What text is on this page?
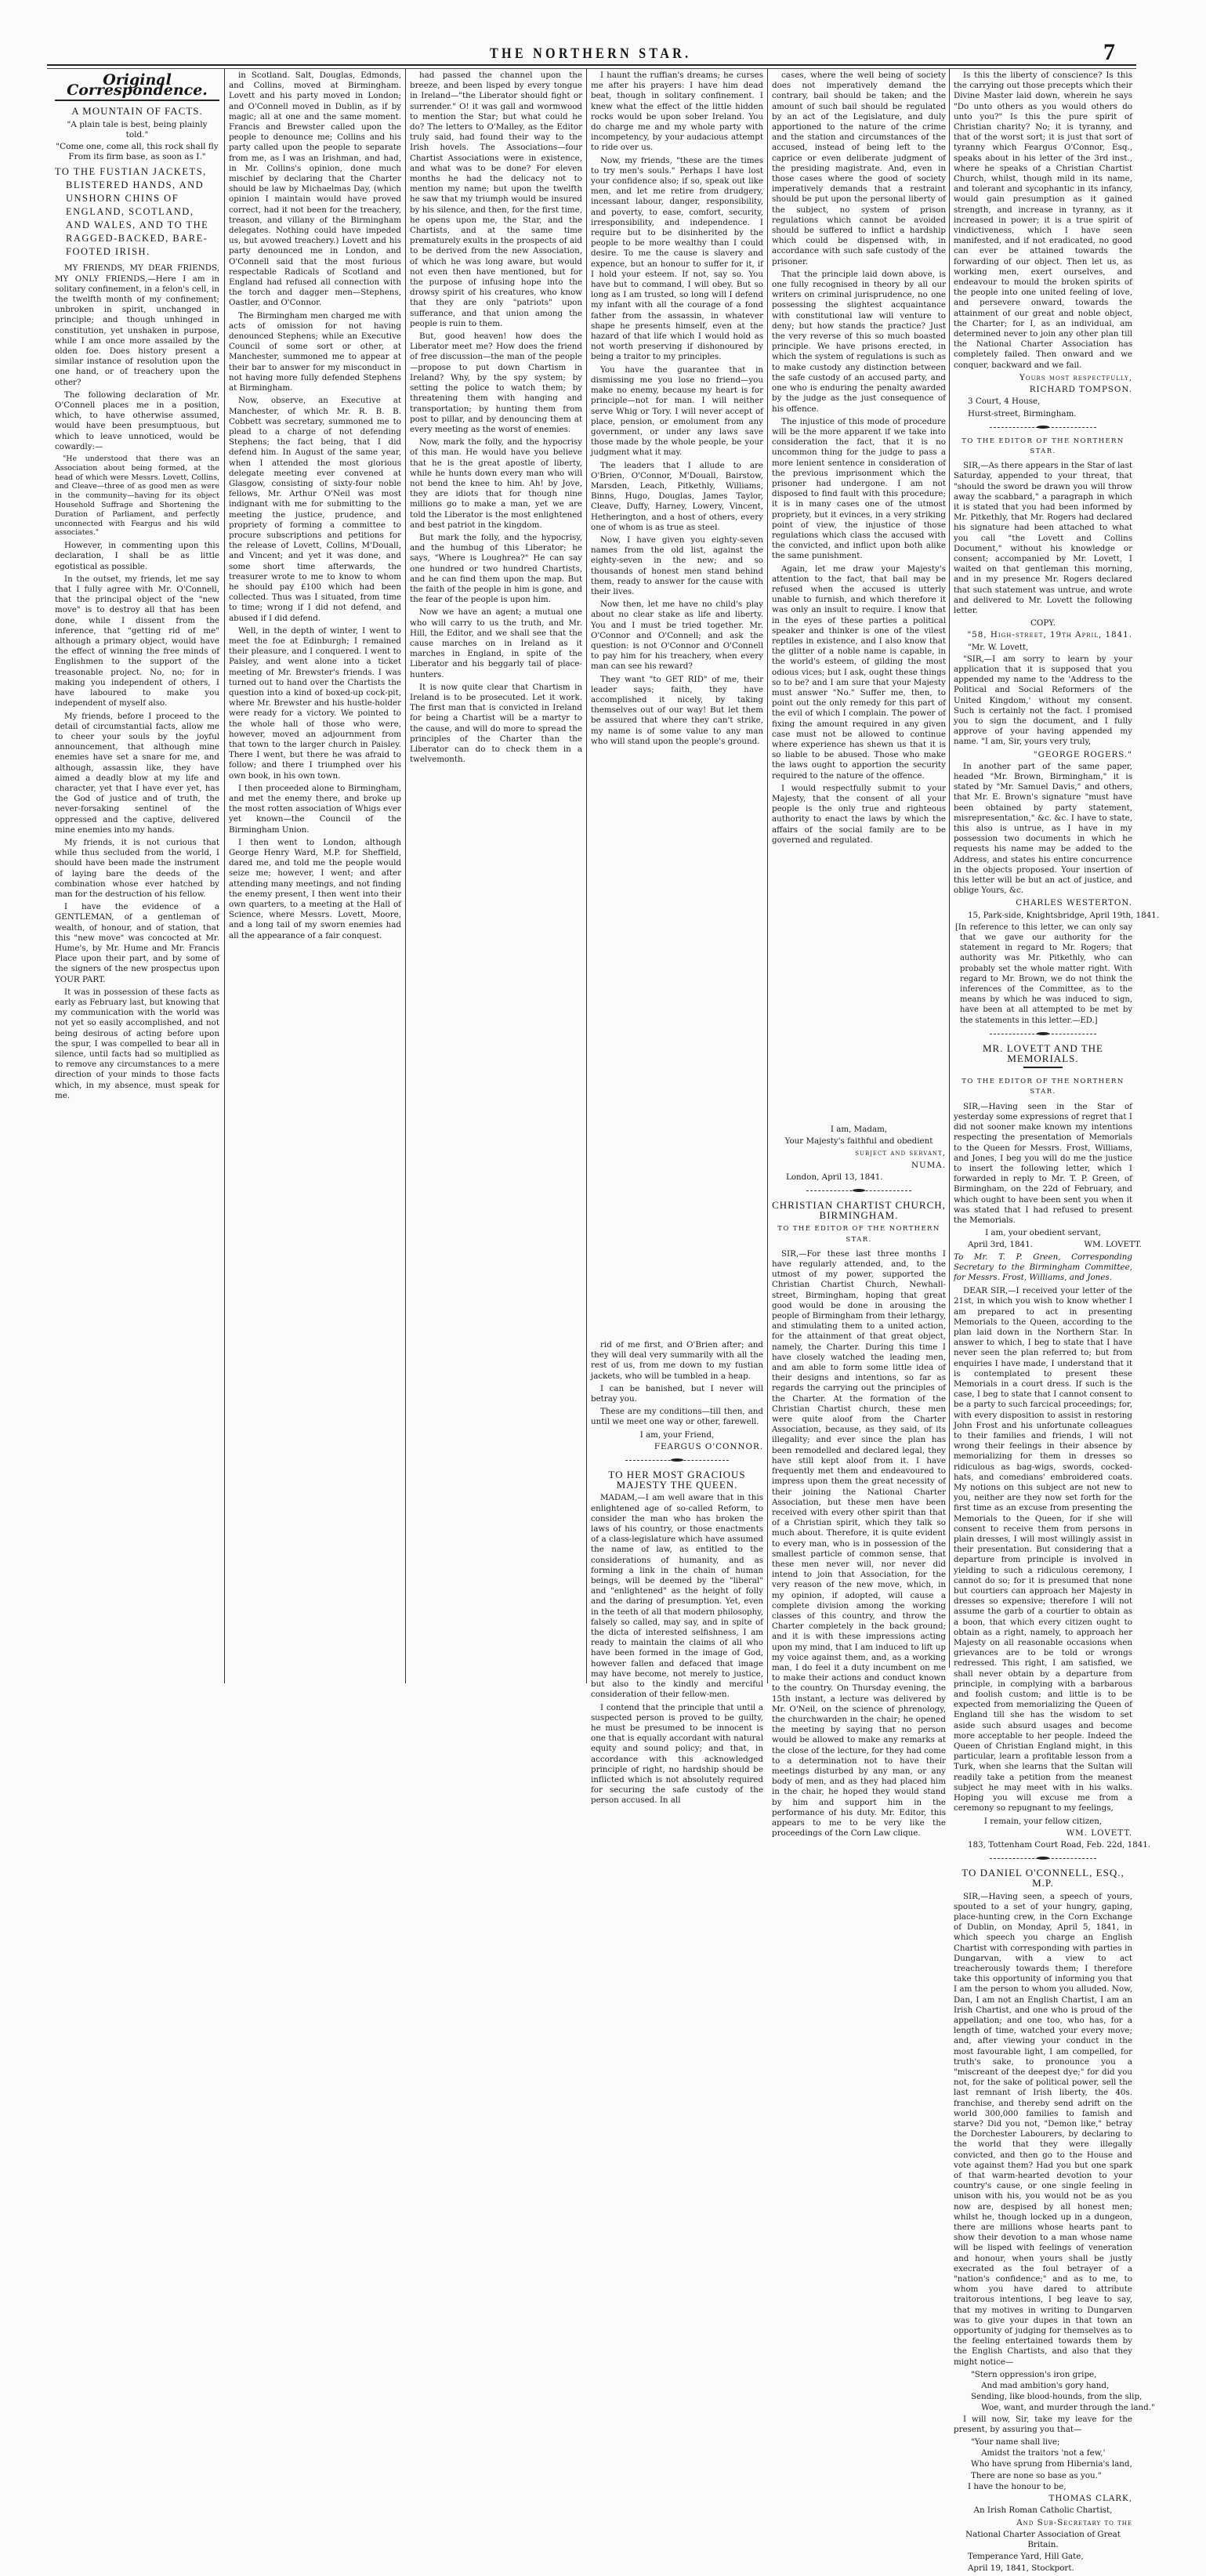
THE NORTHERN STAR.	7
Original Correspondence.
A MOUNTAIN OF FACTS.
"A plain tale is best, being plainly told."
"Come one, come all, this rock shall fly From its firm base, as soon as I."
TO THE FUSTIAN JACKETS, BLISTERED HANDS, AND UNSHORN CHINS OF ENGLAND, SCOTLAND, AND WALES, AND TO THE RAGGED-BACKED, BARE-FOOTED IRISH.

MY FRIENDS, MY DEAR FRIENDS, MY ONLY FRIENDS,—Here I am in solitary confinement, in a felon's cell, in the twelfth month of my confinement; unbroken in spirit, unchanged in principle; and though unhinged in constitution, yet unshaken in purpose, while I am once more assailed by the olden foe. Does history present a similar instance of resolution upon the one hand, or of treachery upon the other?

The following declaration of Mr. O'Connell places me in a position, which, to have otherwise assumed, would have been presumptuous, but which to leave unnoticed, would be cowardly:—

"He understood that there was an Association about being formed, at the head of which were Messrs. Lovett, Collins, and Cleave—three of as good men as were in the community—having for its object Household Suffrage and Shortening the Duration of Parliament, and perfectly unconnected with Feargus and his wild associates."

However, in commenting upon this declaration, I shall be as little egotistical as possible.

In the outset, my friends, let me say that I fully agree with Mr. O'Connell, that the principal object of the "new move" is to destroy all that has been done, while I dissent from the inference, that "getting rid of me" although a primary object, would have the effect of winning the free minds of Englishmen to the support of the treasonable project. No, no; for in making you independent of others, I have laboured to make you independent of myself also.

My friends, before I proceed to the detail of circumstantial facts, allow me to cheer your souls by the joyful announcement, that although mine enemies have set a snare for me, and although, assassin like, they have aimed a deadly blow at my life and character, yet that I have ever yet, has the God of justice and of truth, the never-forsaking sentinel of the oppressed and the captive, delivered mine enemies into my hands.

My friends, it is not curious that while thus secluded from the world, I should have been made the instrument of laying bare the deeds of the combination whose ever hatched by man for the destruction of his fellow.

I have the evidence of a GENTLEMAN, of a gentleman of wealth, of honour, and of station, that this "new move" was concocted at Mr. Hume's, by Mr. Hume and Mr. Francis Place upon their part, and by some of the signers of the new prospectus upon YOUR PART.

It was in possession of these facts as early as February last, but knowing that my communication with the world was not yet so easily accomplished, and not being desirous of acting before upon the spur, I was compelled to bear all in silence, until facts had so multiplied as to remove any circumstances to a mere direction of your minds to those facts which, in my absence, must speak for me.

in Scotland. Salt, Douglas, Edmonds, and Collins, moved at Birmingham. Lovett and his party moved in London; and O'Connell moved in Dublin, as if by magic; all at one and the same moment. Francis and Brewster called upon the people to denounce me; Collins and his party called upon the people to separate from me, as I was an Irishman, and had, in Mr. Collins's opinion, done much mischief by declaring that the Charter should be law by Michaelmas Day, (which opinion I maintain would have proved correct, had it not been for the treachery, treason, and villany of the Birmingham delegates. Nothing could have impeded us, but avowed treachery.) Lovett and his party denounced me in London, and O'Connell said that the most furious respectable Radicals of Scotland and England had refused all connection with the torch and dagger men—Stephens, Oastler, and O'Connor.

The Birmingham men charged me with acts of omission for not having denounced Stephens; while an Executive Council of some sort or other, at Manchester, summoned me to appear at their bar to answer for my misconduct in not having more fully defended Stephens at Birmingham.

Now, observe, an Executive at Manchester, of which Mr. R. B. B. Cobbett was secretary, summoned me to plead to a charge of not defending Stephens; the fact being, that I did defend him. In August of the same year, when I attended the most glorious delegate meeting ever convened at Glasgow, consisting of sixty-four noble fellows, Mr. Arthur O'Neil was most indignant with me for submitting to the meeting the justice, prudence, and propriety of forming a committee to procure subscriptions and petitions for the release of Lovett, Collins, M'Douall, and Vincent; and yet it was done, and some short time afterwards, the treasurer wrote to me to know to whom he should pay £100 which had been collected. Thus was I situated, from time to time; wrong if I did not defend, and abused if I did defend.

Well, in the depth of winter, I went to meet the foe at Edinburgh; I remained their pleasure, and I conquered. I went to Paisley, and went alone into a ticket meeting of Mr. Brewster's friends. I was turned out to hand over the Chartists the question into a kind of boxed-up cock-pit, where Mr. Brewster and his hustle-holder were ready for a victory. We pointed to the whole hall of those who were, however, moved an adjournment from that town to the larger church in Paisley. There I went, but there he was afraid to follow; and there I triumphed over his own book, in his own town.

I then proceeded alone to Birmingham, and met the enemy there, and broke up the most rotten association of Whigs ever yet known—the Council of the Birmingham Union.

I then went to London, although George Henry Ward, M.P. for Sheffield, dared me, and told me the people would seize me; however, I went; and after attending many meetings, and not finding the enemy present, I then went into their own quarters, to a meeting at the Hall of Science, where Messrs. Lovett, Moore, and a long tail of my sworn enemies had all the appearance of a fair conquest.

had passed the channel upon the breeze, and been lisped by every tongue in Ireland—"the Liberator should fight or surrender." O! it was gall and wormwood to mention the Star; but what could he do? The letters to O'Malley, as the Editor truly said, had found their way to the Irish hovels. The Associations—four Chartist Associations were in existence, and what was to be done? For eleven months he had the delicacy not to mention my name; but upon the twelfth he saw that my triumph would be insured by his silence, and then, for the first time, he opens upon me, the Star, and the Chartists, and at the same time prematurely exults in the prospects of aid to be derived from the new Association, of which he was long aware, but would not even then have mentioned, but for the purpose of infusing hope into the drowsy spirit of his creatures, who know that they are only "patriots" upon sufferance, and that union among the people is ruin to them.

But, good heaven! how does the Liberator meet me? How does the friend of free discussion—the man of the people—propose to put down Chartism in Ireland? Why, by the spy system; by setting the police to watch them; by threatening them with hanging and transportation; by hunting them from post to pillar, and by denouncing them at every meeting as the worst of enemies.

Now, mark the folly, and the hypocrisy of this man. He would have you believe that he is the great apostle of liberty, while he hunts down every man who will not bend the knee to him. Ah! by Jove, they are idiots that for though nine millions go to make a man, yet we are told the Liberator is the most enlightened and best patriot in the kingdom.

But mark the folly, and the hypocrisy, and the humbug of this Liberator; he says, "Where is Loughrea?" He can say one hundred or two hundred Chartists, and he can find them upon the map. But the faith of the people in him is gone, and the fear of the people is upon him.

Now we have an agent; a mutual one who will carry to us the truth, and Mr. Hill, the Editor, and we shall see that the cause marches on in Ireland as it marches in England, in spite of the Liberator and his beggarly tail of place-hunters.

It is now quite clear that Chartism in Ireland is to be prosecuted. Let it work. The first man that is convicted in Ireland for being a Chartist will be a martyr to the cause, and will do more to spread the principles of the Charter than the Liberator can do to check them in a twelvemonth.

I haunt the ruffian's dreams; he curses me after his prayers: I have him dead beat, though in solitary confinement. I knew what the effect of the little hidden rocks would be upon sober Ireland. You do charge me and my whole party with incompetency, by your audacious attempt to ride over us.

Now, my friends, "these are the times to try men's souls." Perhaps I have lost your confidence also; if so, speak out like men, and let me retire from drudgery, incessant labour, danger, responsibility, and poverty, to ease, comfort, security, irresponsibility, and independence. I require but to be disinherited by the people to be more wealthy than I could desire. To me the cause is slavery and expence, but an honour to suffer for it, if I hold your esteem. If not, say so. You have but to command, I will obey. But so long as I am trusted, so long will I defend my infant with all the courage of a fond father from the assassin, in whatever shape he presents himself, even at the hazard of that life which I would hold as not worth preserving if dishonoured by being a traitor to my principles.

You have the guarantee that in dismissing me you lose no friend—you make no enemy, because my heart is for principle—not for man. I will neither serve Whig or Tory. I will never accept of place, pension, or emolument from any government, or under any laws save those made by the whole people, be your judgment what it may.

The leaders that I allude to are O'Brien, O'Connor, M'Douall, Bairstow, Marsden, Leach, Pitkethly, Williams, Binns, Hugo, Douglas, James Taylor, Cleave, Duffy, Harney, Lowery, Vincent, Hetherington, and a host of others, every one of whom is as true as steel.

Now, I have given you eighty-seven names from the old list, against the eighty-seven in the new; and so thousands of honest men stand behind them, ready to answer for the cause with their lives.

Now then, let me have no child's play about no clear stake as life and liberty. You and I must be tried together. Mr. O'Connor and O'Connell; and ask the question: is not O'Connor and O'Connell to pay him for his treachery, when every man can see his reward?

They want "to GET RID" of me, their leader says; faith, they have accomplished it nicely, by taking themselves out of our way! But let them be assured that where they can't strike, my name is of some value to any man who will stand upon the people's ground.

rid of me first, and O'Brien after; and they will deal very summarily with all the rest of us, from me down to my fustian jackets, who will be tumbled in a heap.

I can be banished, but I never will betray you.

These are my conditions—till then, and until we meet one way or other, farewell.

I am, your Friend,
FEARGUS O'CONNOR.
TO HER MOST GRACIOUS MAJESTY THE QUEEN.

MADAM,—I am well aware that in this enlightened age of so-called Reform, to consider the man who has broken the laws of his country, or those enactments of a class-legislature which have assumed the name of law, as entitled to the considerations of humanity, and as forming a link in the chain of human beings, will be deemed by the "liberal" and "enlightened" as the height of folly and the daring of presumption. Yet, even in the teeth of all that modern philosophy, falsely so called, may say, and in spite of the dicta of interested selfishness, I am ready to maintain the claims of all who have been formed in the image of God, however fallen and defaced that image may have become, not merely to justice, but also to the kindly and merciful consideration of their fellow-men.

I contend that the principle that until a suspected person is proved to be guilty, he must be presumed to be innocent is one that is equally accordant with natural equity and sound policy; and that, in accordance with this acknowledged principle of right, no hardship should be inflicted which is not absolutely required for securing the safe custody of the person accused. In all

cases, where the well being of society does not imperatively demand the contrary, bail should be taken; and the amount of such bail should be regulated by an act of the Legislature, and duly apportioned to the nature of the crime and the station and circumstances of the accused, instead of being left to the caprice or even deliberate judgment of the presiding magistrate. And, even in those cases where the good of society imperatively demands that a restraint should be put upon the personal liberty of the subject, no system of prison regulations which cannot be avoided should be suffered to inflict a hardship which could be dispensed with, in accordance with such safe custody of the prisoner.

That the principle laid down above, is one fully recognised in theory by all our writers on criminal jurisprudence, no one possessing the slightest acquaintance with constitutional law will venture to deny; but how stands the practice? Just the very reverse of this so much boasted principle. We have prisons erected, in which the system of regulations is such as to make custody any distinction between the safe custody of an accused party, and one who is enduring the penalty awarded by the judge as the just consequence of his offence.

The injustice of this mode of procedure will be the more apparent if we take into consideration the fact, that it is no uncommon thing for the judge to pass a more lenient sentence in consideration of the previous imprisonment which the prisoner had undergone. I am not disposed to find fault with this procedure; it is in many cases one of the utmost propriety, but it evinces, in a very striking point of view, the injustice of those regulations which class the accused with the convicted, and inflict upon both alike the same punishment.

Again, let me draw your Majesty's attention to the fact, that bail may be refused when the accused is utterly unable to furnish, and which therefore it was only an insult to require. I know that in the eyes of these parties a political speaker and thinker is one of the vilest reptiles in existence, and I also know that the glitter of a noble name is capable, in the world's esteem, of gilding the most odious vices; but I ask, ought these things so to be? and I am sure that your Majesty must answer "No." Suffer me, then, to point out the only remedy for this part of the evil of which I complain. The power of fixing the amount required in any given case must not be allowed to continue where experience has shewn us that it is so liable to be abused. Those who make the laws ought to apportion the security required to the nature of the offence.

I would respectfully submit to your Majesty, that the consent of all your people is the only true and righteous authority to enact the laws by which the affairs of the social family are to be governed and regulated.

I am, Madam,
Your Majesty's faithful and obedient
subject and servant,
NUMA.
London, April 13, 1841.
CHRISTIAN CHARTIST CHURCH, BIRMINGHAM.
TO THE EDITOR OF THE NORTHERN STAR.

SIR,—For these last three months I have regularly attended, and, to the utmost of my power, supported the Christian Chartist Church, Newhall-street, Birmingham, hoping that great good would be done in arousing the people of Birmingham from their lethargy, and stimulating them to a united action, for the attainment of that great object, namely, the Charter. During this time I have closely watched the leading men, and am able to form some little idea of their designs and intentions, so far as regards the carrying out the principles of the Charter. At the formation of the Christian Chartist church, these men were quite aloof from the Charter Association, because, as they said, of its illegality; and ever since the plan has been remodelled and declared legal, they have still kept aloof from it. I have frequently met them and endeavoured to impress upon them the great necessity of their joining the National Charter Association, but these men have been received with every other spirit than that of a Christian spirit, which they talk so much about. Therefore, it is quite evident to every man, who is in possession of the smallest particle of common sense, that these men never will, nor never did intend to join that Association, for the very reason of the new move, which, in my opinion, if adopted, will cause a complete division among the working classes of this country, and throw the Charter completely in the back ground; and it is with these impressions acting upon my mind, that I am induced to lift up my voice against them, and, as a working man, I do feel it a duty incumbent on me to make their actions and conduct known to the country. On Thursday evening, the 15th instant, a lecture was delivered by Mr. O'Neil, on the science of phrenology, the churchwarden in the chair; he opened the meeting by saying that no person would be allowed to make any remarks at the close of the lecture, for they had come to a determination not to have their meetings disturbed by any man, or any body of men, and as they had placed him in the chair, he hoped they would stand by him and support him in the performance of his duty. Mr. Editor, this appears to me to be very like the proceedings of the Corn Law clique.

Is this the liberty of conscience? Is this the carrying out those precepts which their Divine Master laid down, wherein he says "Do unto others as you would others do unto you?" Is this the pure spirit of Christian charity? No; it is tyranny, and that of the worst sort; it is just that sort of tyranny which Feargus O'Connor, Esq., speaks about in his letter of the 3rd inst., where he speaks of a Christian Chartist Church, whilst, though mild in its name, and tolerant and sycophantic in its infancy, would gain presumption as it gained strength, and increase in tyranny, as it increased in power; it is a true spirit of vindictiveness, which I have seen manifested, and if not eradicated, no good can ever be attained towards the forwarding of our object. Then let us, as working men, exert ourselves, and endeavour to mould the broken spirits of the people into one united feeling of love, and persevere onward, towards the attainment of our great and noble object, the Charter; for I, as an individual, am determined never to join any other plan till the National Charter Association has completely failed. Then onward and we conquer, backward and we fail.

Yours most respectfully,
RICHARD TOMPSON.
3 Court, 4 House,
Hurst-street, Birmingham.
TO THE EDITOR OF THE NORTHERN STAR.

SIR,—As there appears in the Star of last Saturday, appended to your threat, that "should the sword be drawn you will throw away the scabbard," a paragraph in which it is stated that you had been informed by Mr. Pitkethly, that Mr. Rogers had declared his signature had been attached to what you call "the Lovett and Collins Document," without his knowledge or consent; accompanied by Mr. Lovett, I waited on that gentleman this morning, and in my presence Mr. Rogers declared that such statement was untrue, and wrote and delivered to Mr. Lovett the following letter.

COPY.
"58, High-street, 19th April, 1841.
"Mr. W. Lovett,

"SIR,—I am sorry to learn by your application that it is supposed that you appended my name to the 'Address to the Political and Social Reformers of the United Kingdom,' without my consent. Such is certainly not the fact. I promised you to sign the document, and I fully approve of your having appended my name. "I am, Sir, yours very truly,

"GEORGE ROGERS."

In another part of the same paper, headed "Mr. Brown, Birmingham," it is stated by "Mr. Samuel Davis," and others, that Mr. E. Brown's signature "must have been obtained by party statement, misrepresentation," &c. &c. I have to state, this also is untrue, as I have in my possession two documents in which he requests his name may be added to the Address, and states his entire concurrence in the objects proposed. Your insertion of this letter will be but an act of justice, and oblige Yours, &c.

CHARLES WESTERTON.
15, Park-side, Knightsbridge, April 19th, 1841.
[In reference to this letter, we can only say that we gave our authority for the statement in regard to Mr. Rogers; that authority was Mr. Pitkethly, who can probably set the whole matter right. With regard to Mr. Brown, we do not think the inferences of the Committee, as to the means by which he was induced to sign, have been at all attempted to be met by the statements in this letter.—ED.]
MR. LOVETT AND THE MEMORIALS.
TO THE EDITOR OF THE NORTHERN STAR.

SIR,—Having seen in the Star of yesterday some expressions of regret that I did not sooner make known my intentions respecting the presentation of Memorials to the Queen for Messrs. Frost, Williams, and Jones, I beg you will do me the justice to insert the following letter, which I forwarded in reply to Mr. T. P. Green, of Birmingham, on the 22d of February, and which ought to have been sent you when it was stated that I had refused to present the Memorials.

I am, your obedient servant,
April 3rd, 1841.                    WM. LOVETT.
To Mr. T. P. Green, Corresponding Secretary to the Birmingham Committee, for Messrs. Frost, Williams, and Jones.

DEAR SIR,—I received your letter of the 21st, in which you wish to know whether I am prepared to act in presenting Memorials to the Queen, according to the plan laid down in the Northern Star. In answer to which, I beg to state that I have never seen the plan referred to; but from enquiries I have made, I understand that it is contemplated to present these Memorials in a court dress. If such is the case, I beg to state that I cannot consent to be a party to such farcical proceedings; for, with every disposition to assist in restoring John Frost and his unfortunate colleagues to their families and friends, I will not wrong their feelings in their absence by memorializing for them in dresses so ridiculous as bag-wigs, swords, cocked-hats, and comedians' embroidered coats. My notions on this subject are not new to you, neither are they now set forth for the first time as an excuse from presenting the Memorials to the Queen, for if she will consent to receive them from persons in plain dresses, I will most willingly assist in their presentation. But considering that a departure from principle is involved in yielding to such a ridiculous ceremony, I cannot do so; for it is presumed that none but courtiers can approach her Majesty in dresses so expensive; therefore I will not assume the garb of a courtier to obtain as a boon, that which every citizen ought to obtain as a right, namely, to approach her Majesty on all reasonable occasions when grievances are to be told or wrongs redressed. This right, I am satisfied, we shall never obtain by a departure from principle, in complying with a barbarous and foolish custom; and little is to be expected from memorializing the Queen of England till she has the wisdom to set aside such absurd usages and become more acceptable to her people. Indeed the Queen of Christian England might, in this particular, learn a profitable lesson from a Turk, when she learns that the Sultan will readily take a petition from the meanest subject he may meet with in his walks. Hoping you will excuse me from a ceremony so repugnant to my feelings,

I remain, your fellow citizen,
WM. LOVETT.
183, Tottenham Court Road, Feb. 22d, 1841.
TO DANIEL O'CONNELL, ESQ., M.P.

SIR,—Having seen, a speech of yours, spouted to a set of your hungry, gaping, place-hunting crew, in the Corn Exchange of Dublin, on Monday, April 5, 1841, in which speech you charge an English Chartist with corresponding with parties in Dungarvan, with a view to act treacherously towards them; I therefore take this opportunity of informing you that I am the person to whom you alluded. Now, Dan, I am not an English Chartist, I am an Irish Chartist, and one who is proud of the appellation; and one too, who has, for a length of time, watched your every move; and, after viewing your conduct in the most favourable light, I am compelled, for truth's sake, to pronounce you a "miscreant of the deepest dye;" for did you not, for the sake of political power, sell the last remnant of Irish liberty, the 40s. franchise, and thereby send adrift on the world 300,000 families to famish and starve? Did you not, "Demon like," betray the Dorchester Labourers, by declaring to the world that they were illegally convicted, and then go to the House and vote against them? Had you but one spark of that warm-hearted devotion to your country's cause, or one single feeling in unison with his, you would not be as you now are, despised by all honest men; whilst he, though locked up in a dungeon, there are millions whose hearts pant to show their devotion to a man whose name will be lisped with feelings of veneration and honour, when yours shall be justly execrated as the foul betrayer of a "nation's confidence;" and as to me, to whom you have dared to attribute traitorous intentions, I beg leave to say, that my motives in writing to Dungarven was to give your dupes in that town an opportunity of judging for themselves as to the feeling entertained towards them by the English Chartists, and also that they might notice—

"Stern oppression's iron gripe,
And mad ambition's gory hand,
Sending, like blood-hounds, from the slip,
Woe, want, and murder through the land."

I will now, Sir, take my leave for the present, by assuring you that—

"Your name shall live;
Amidst the traitors 'not a few,'
Who have sprung from Hibernia's land,
There are none so base as you."
I have the honour to be,
THOMAS CLARK,
An Irish Roman Catholic Chartist,
And Sub-Secretary to the
National Charter Association of Great Britain.
Temperance Yard, Hill Gate,
April 19, 1841, Stockport.
